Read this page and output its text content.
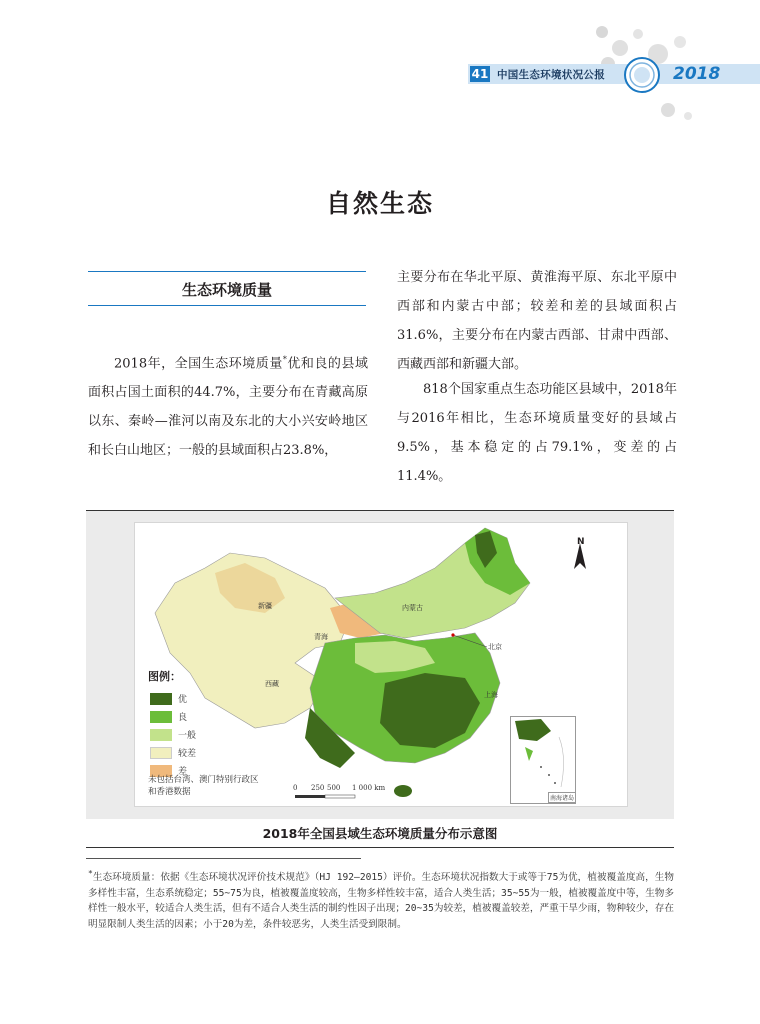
41 中国生态环境状况公报	2018
自然生态
生态环境质量
2018年，全国生态环境质量*优和良的县域面积占国土面积的44.7%，主要分布在青藏高原以东、秦岭—淮河以南及东北的大小兴安岭地区和长白山地区；一般的县域面积占23.8%，
主要分布在华北平原、黄淮海平原、东北平原中西部和内蒙古中部；较差和差的县域面积占31.6%，主要分布在内蒙古西部、甘肃中西部、西藏西部和新疆大部。
818个国家重点生态功能区县域中，2018年与2016年相比，生态环境质量变好的县域占9.5%，基本稳定的占79.1%，变差的占11.4%。
新疆
西藏
青海
内蒙古
北京
上海
图例：
优
良
一般
较差
差
未包括台湾、澳门特别行政区
和香港数据
N
0 250 500 1 000 km
南海诸岛
2018年全国县域生态环境质量分布示意图
*生态环境质量：依据《生态环境状况评价技术规范》（HJ 192—2015）评价。生态环境状况指数大于或等于75为优，植被覆盖度高，生物多样性丰富，生态系统稳定；55~75为良，植被覆盖度较高，生物多样性较丰富，适合人类生活；35~55为一般，植被覆盖度中等，生物多样性一般水平，较适合人类生活，但有不适合人类生活的制约性因子出现；20~35为较差，植被覆盖较差，严重干旱少雨，物种较少，存在明显限制人类生活的因素；小于20为差，条件较恶劣，人类生活受到限制。
